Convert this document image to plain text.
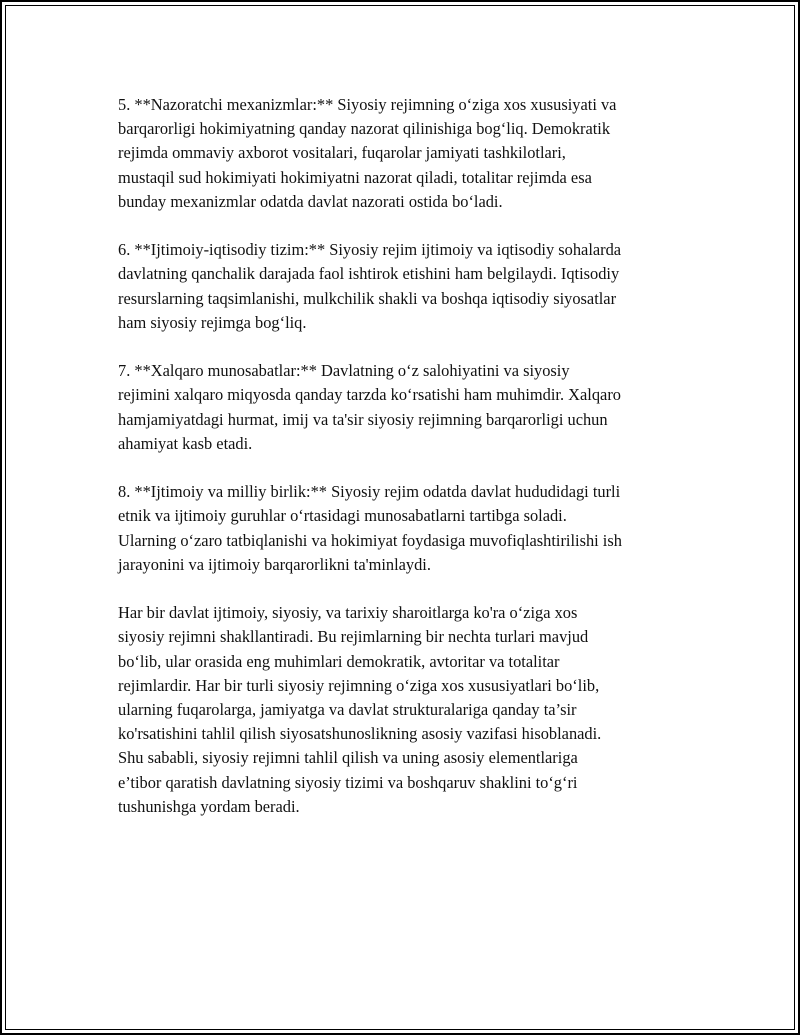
5. **Nazoratchi mexanizmlar:** Siyosiy rejimning o‘ziga xos xususiyati va
barqarorligi hokimiyatning qanday nazorat qilinishiga bog‘liq. Demokratik
rejimda ommaviy axborot vositalari, fuqarolar jamiyati tashkilotlari,
mustaqil sud hokimiyati hokimiyatni nazorat qiladi, totalitar rejimda esa
bunday mexanizmlar odatda davlat nazorati ostida bo‘ladi.

6. **Ijtimoiy-iqtisodiy tizim:** Siyosiy rejim ijtimoiy va iqtisodiy sohalarda
davlatning qanchalik darajada faol ishtirok etishini ham belgilaydi. Iqtisodiy
resurslarning taqsimlanishi, mulkchilik shakli va boshqa iqtisodiy siyosatlar
ham siyosiy rejimga bog‘liq.

7. **Xalqaro munosabatlar:** Davlatning o‘z salohiyatini va siyosiy
rejimini xalqaro miqyosda qanday tarzda ko‘rsatishi ham muhimdir. Xalqaro
hamjamiyatdagi hurmat, imij va ta'sir siyosiy rejimning barqarorligi uchun
ahamiyat kasb etadi.

8. **Ijtimoiy va milliy birlik:** Siyosiy rejim odatda davlat hududidagi turli
etnik va ijtimoiy guruhlar o‘rtasidagi munosabatlarni tartibga soladi.
Ularning o‘zaro tatbiqlanishi va hokimiyat foydasiga muvofiqlashtirilishi ish
jarayonini va ijtimoiy barqarorlikni ta'minlaydi.

Har bir davlat ijtimoiy, siyosiy, va tarixiy sharoitlarga ko'ra o‘ziga xos
siyosiy rejimni shakllantiradi. Bu rejimlarning bir nechta turlari mavjud
bo‘lib, ular orasida eng muhimlari demokratik, avtoritar va totalitar
rejimlardir. Har bir turli siyosiy rejimning o‘ziga xos xususiyatlari bo‘lib,
ularning fuqarolarga, jamiyatga va davlat strukturalariga qanday ta’sir
ko'rsatishini tahlil qilish siyosatshunoslikning asosiy vazifasi hisoblanadi.
Shu sababli, siyosiy rejimni tahlil qilish va uning asosiy elementlariga
e’tibor qaratish davlatning siyosiy tizimi va boshqaruv shaklini to‘g‘ri
tushunishga yordam beradi.
